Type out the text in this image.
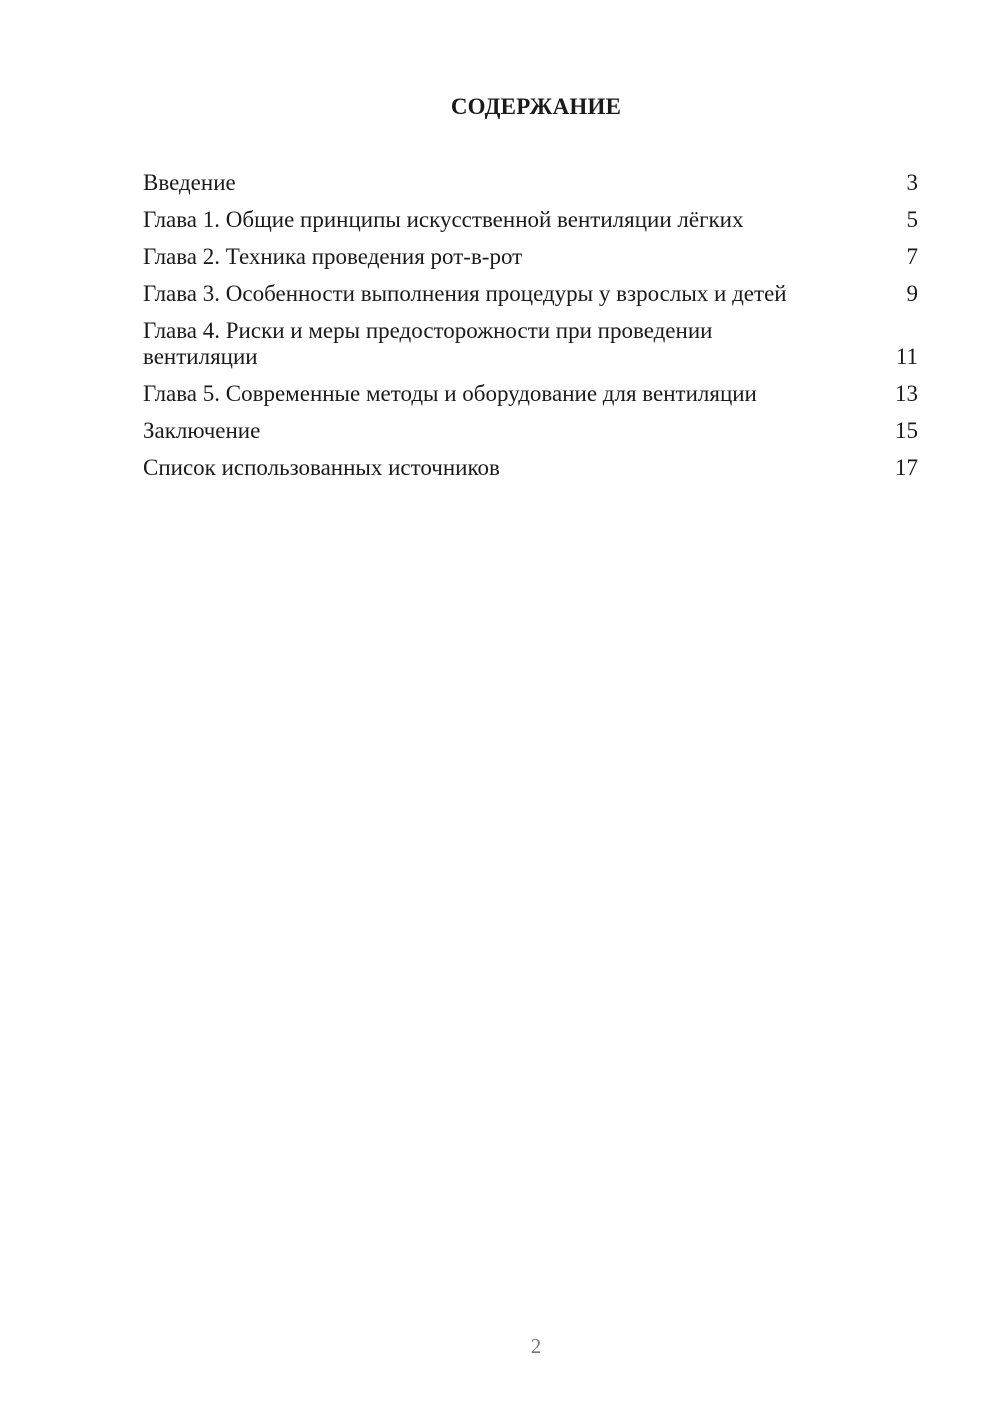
СОДЕРЖАНИЕ
Введение	3
Глава 1. Общие принципы искусственной вентиляции лёгких	5
Глава 2. Техника проведения рот-в-рот	7
Глава 3. Особенности выполнения процедуры у взрослых и детей	9
Глава 4. Риски и меры предосторожности при проведении вентиляции	11
Глава 5. Современные методы и оборудование для вентиляции	13
Заключение	15
Список использованных источников	17
2
